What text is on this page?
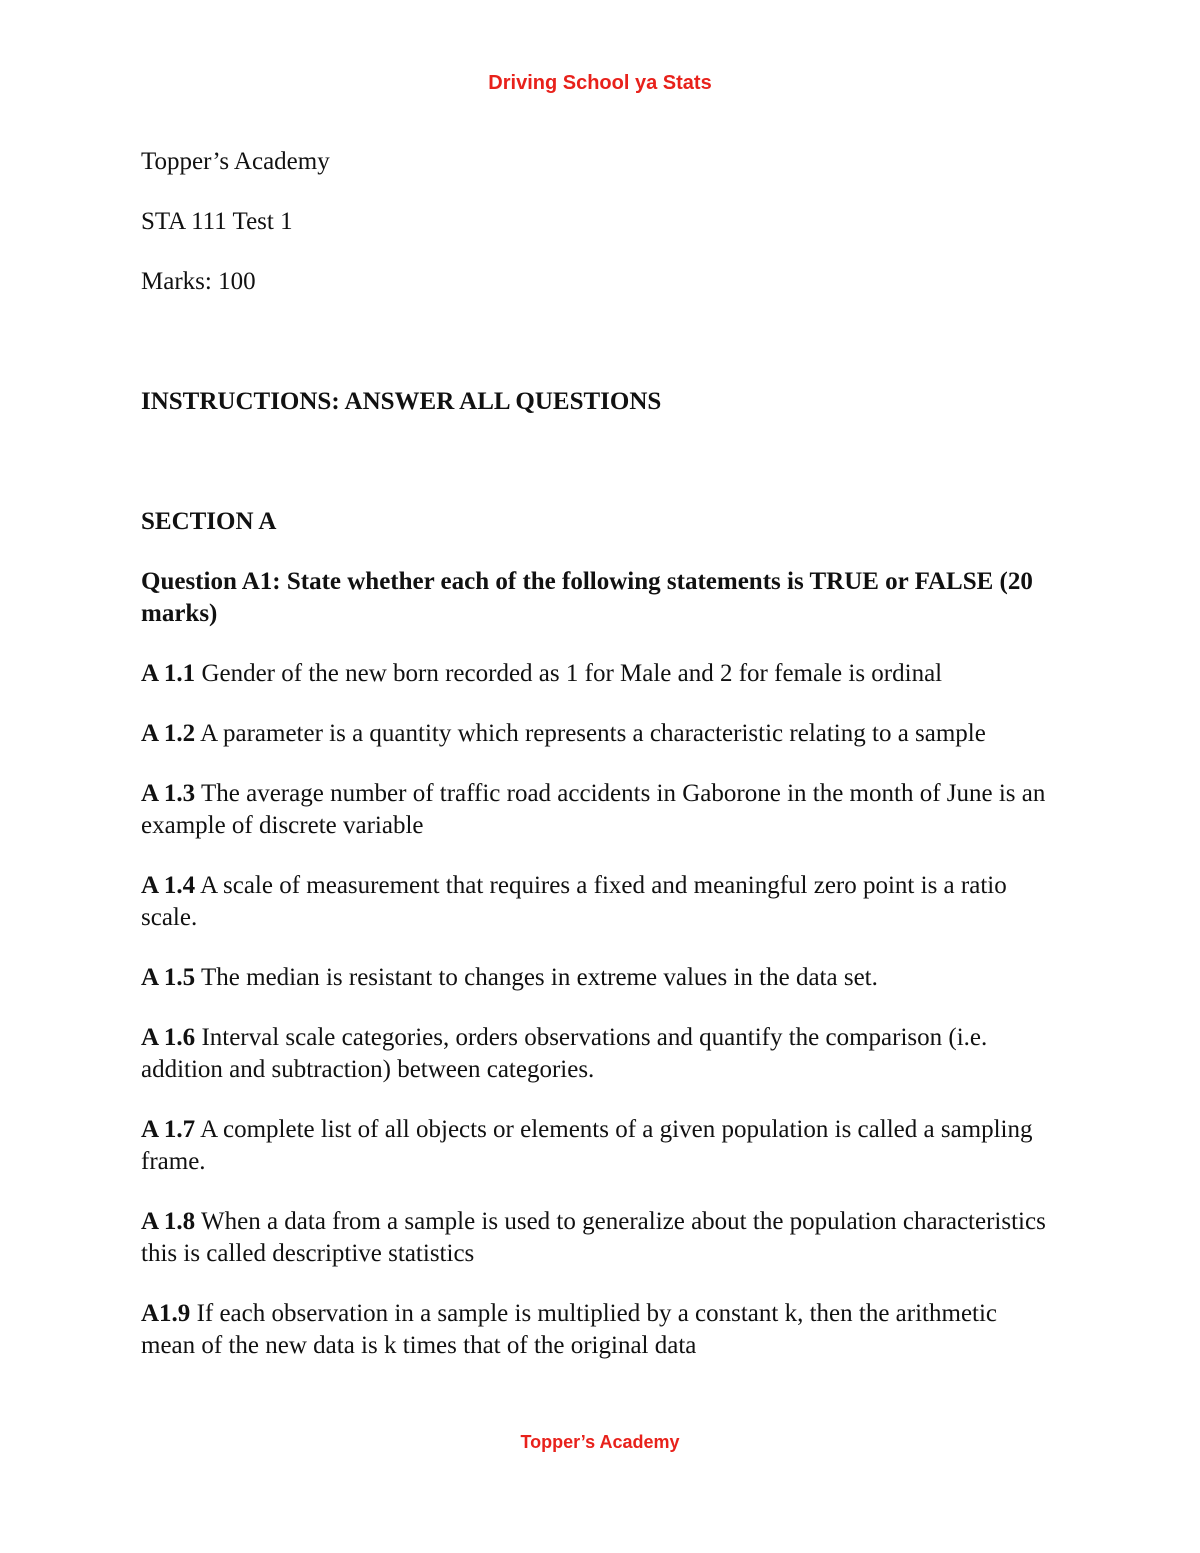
Driving School ya Stats

Topper’s Academy

STA 111 Test 1

Marks: 100

INSTRUCTIONS: ANSWER ALL QUESTIONS

SECTION A

Question A1: State whether each of the following statements is TRUE or FALSE (20 marks)

A 1.1 Gender of the new born recorded as 1 for Male and 2 for female is ordinal

A 1.2 A parameter is a quantity which represents a characteristic relating to a sample

A 1.3 The average number of traffic road accidents in Gaborone in the month of June is an example of discrete variable

A 1.4 A scale of measurement that requires a fixed and meaningful zero point is a ratio scale.

A 1.5 The median is resistant to changes in extreme values in the data set.

A 1.6 Interval scale categories, orders observations and quantify the comparison (i.e. addition and subtraction) between categories.

A 1.7 A complete list of all objects or elements of a given population is called a sampling frame.

A 1.8 When a data from a sample is used to generalize about the population characteristics this is called descriptive statistics

A1.9 If each observation in a sample is multiplied by a constant k, then the arithmetic mean of the new data is k times that of the original data

Topper’s Academy
